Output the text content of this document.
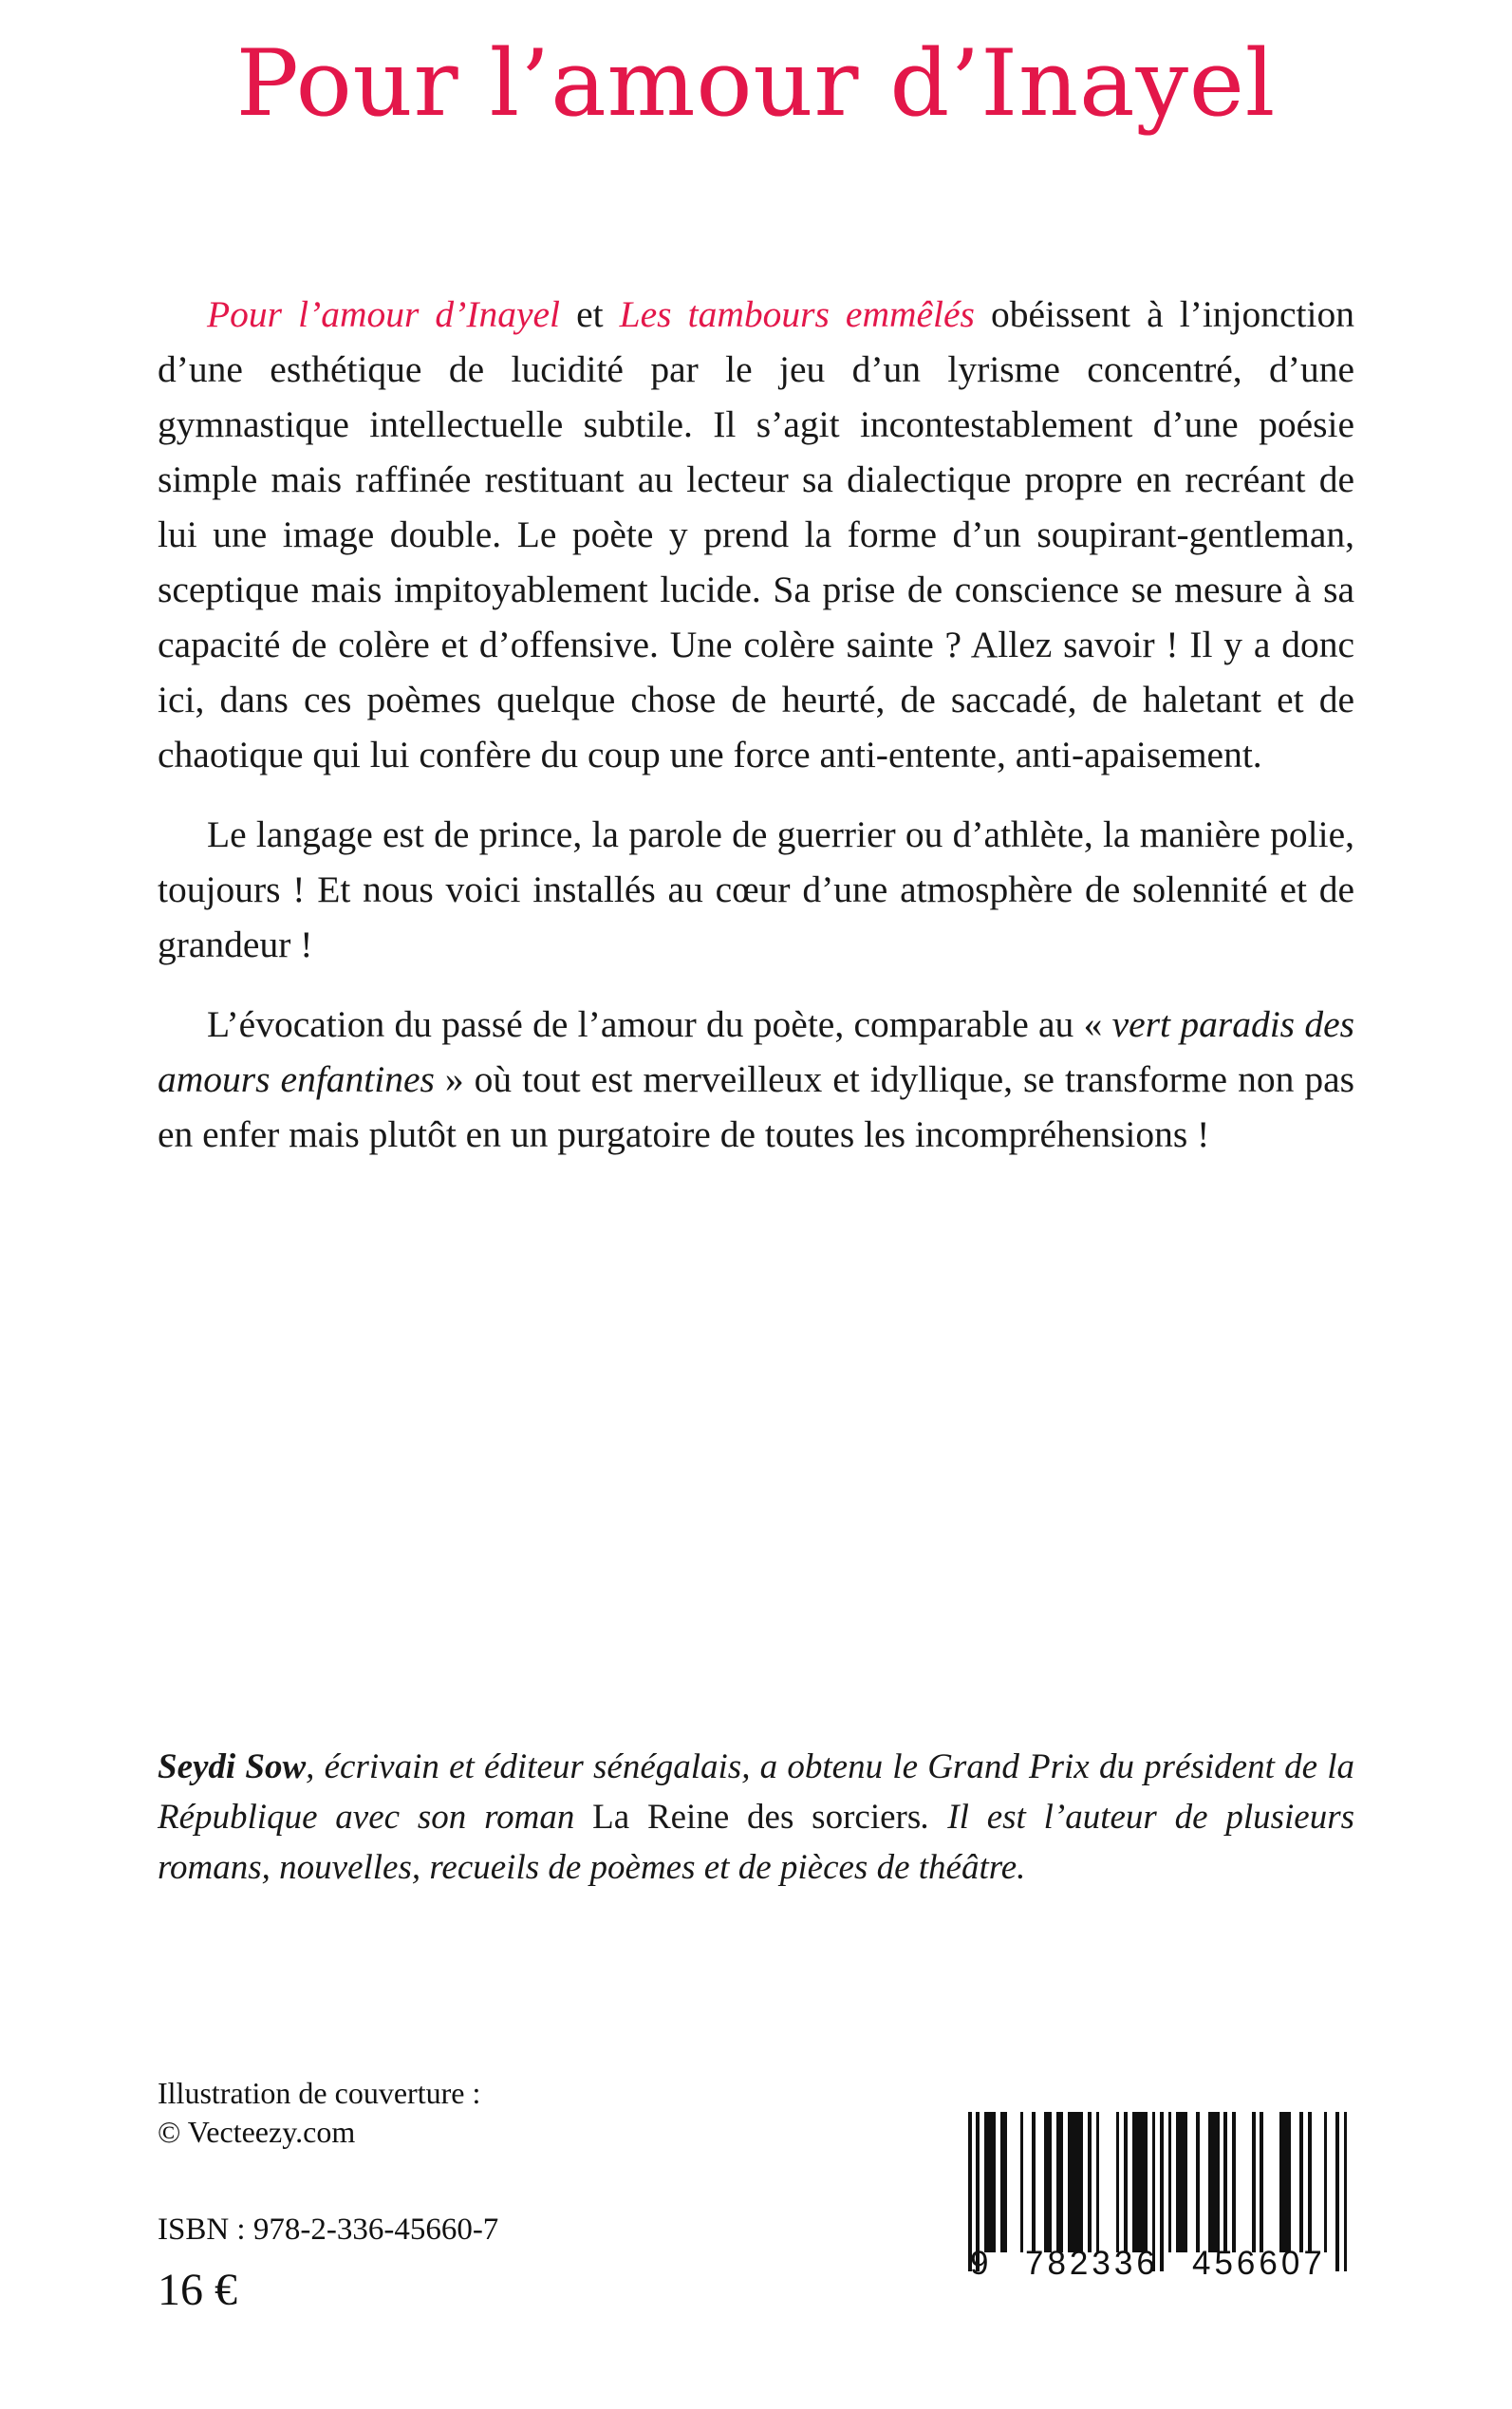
Pour l’amour d’Inayel

Pour l’amour d’Inayel et Les tambours emmêlés obéissent à l’injonction d’une esthétique de lucidité par le jeu d’un lyrisme concentré, d’une gymnastique intellectuelle subtile. Il s’agit incontestablement d’une poésie simple mais raffinée restituant au lecteur sa dialectique propre en recréant de lui une image double. Le poète y prend la forme d’un soupirant-gentleman, sceptique mais impitoyablement lucide. Sa prise de conscience se mesure à sa capacité de colère et d’offensive. Une colère sainte ? Allez savoir ! Il y a donc ici, dans ces poèmes quelque chose de heurté, de saccadé, de haletant et de chaotique qui lui confère du coup une force anti-entente, anti-apaisement.

Le langage est de prince, la parole de guerrier ou d’athlète, la manière polie, toujours ! Et nous voici installés au cœur d’une atmosphère de solennité et de grandeur !

L’évocation du passé de l’amour du poète, comparable au « vert paradis des amours enfantines » où tout est merveilleux et idyllique, se transforme non pas en enfer mais plutôt en un purgatoire de toutes les incompréhensions !

Seydi Sow, écrivain et éditeur sénégalais, a obtenu le Grand Prix du président de la République avec son roman La Reine des sorciers. Il est l’auteur de plusieurs romans, nouvelles, recueils de poèmes et de pièces de théâtre.

Illustration de couverture :
© Vecteezy.com

ISBN : 978-2-336-45660-7

16 €

9 782336 456607
